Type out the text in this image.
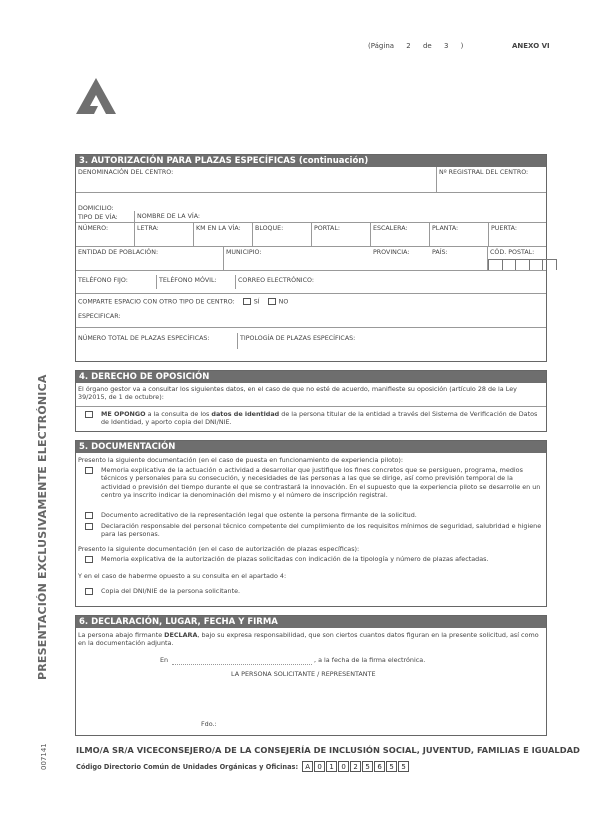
(Página 2 de 3 )	ANEXO VI
PRESENTACIÓN EXCLUSIVAMENTE ELECTRÓNICA
007141
3. AUTORIZACIÓN PARA PLAZAS ESPECÍFICAS (continuación)
DENOMINACIÓN DEL CENTRO:	Nº REGISTRAL DEL CENTRO:
DOMICILIO:
TIPO DE VÍA:	NOMBRE DE LA VÍA:
NÚMERO:	LETRA:	KM EN LA VÍA:	BLOQUE:	PORTAL:	ESCALERA:	PLANTA:	PUERTA:
ENTIDAD DE POBLACIÓN:	MUNICIPIO:	PROVINCIA:	PAÍS:	CÓD. POSTAL:
TELÉFONO FIJO:	TELÉFONO MÓVIL:	CORREO ELECTRÓNICO:
COMPARTE ESPACIO CON OTRO TIPO DE CENTRO:	SÍ	NO
ESPECIFICAR:
NÚMERO TOTAL DE PLAZAS ESPECÍFICAS:	TIPOLOGÍA DE PLAZAS ESPECÍFICAS:
4. DERECHO DE OPOSICIÓN
El órgano gestor va a consultar los siguientes datos, en el caso de que no esté de acuerdo, manifieste su oposición (artículo 28 de la Ley 39/2015, de 1 de octubre):
ME OPONGO a la consulta de los datos de identidad de la persona titular de la entidad a través del Sistema de Verificación de Datos de Identidad, y aporto copia del DNI/NIE.
5. DOCUMENTACIÓN
Presento la siguiente documentación (en el caso de puesta en funcionamiento de experiencia piloto):
Memoria explicativa de la actuación o actividad a desarrollar que justifique los fines concretos que se persiguen, programa, medios técnicos y personales para su consecución, y necesidades de las personas a las que se dirige, así como previsión temporal de la actividad o previsión del tiempo durante el que se contrastará la innovación. En el supuesto que la experiencia piloto se desarrolle en un centro ya inscrito indicar la denominación del mismo y el número de inscripción registral.
Documento acreditativo de la representación legal que ostente la persona firmante de la solicitud.
Declaración responsable del personal técnico competente del cumplimiento de los requisitos mínimos de seguridad, salubridad e higiene para las personas.
Presento la siguiente documentación (en el caso de autorización de plazas específicas):
Memoria explicativa de la autorización de plazas solicitadas con indicación de la tipología y número de plazas afectadas.
Y en el caso de haberme opuesto a su consulta en el apartado 4:
Copia del DNI/NIE de la persona solicitante.
6. DECLARACIÓN, LUGAR, FECHA Y FIRMA
La persona abajo firmante DECLARA, bajo su expresa responsabilidad, que son ciertos cuantos datos figuran en la presente solicitud, así como en la documentación adjunta.
En	, a la fecha de la firma electrónica.
LA PERSONA SOLICITANTE / REPRESENTANTE
Fdo.:
ILMO/A SR/A VICECONSEJERO/A DE LA CONSEJERÍA DE INCLUSIÓN SOCIAL, JUVENTUD, FAMILIAS E IGUALDAD
Código Directorio Común de Unidades Orgánicas y Oficinas:	A	0	1	0	2	5	6	5	5
